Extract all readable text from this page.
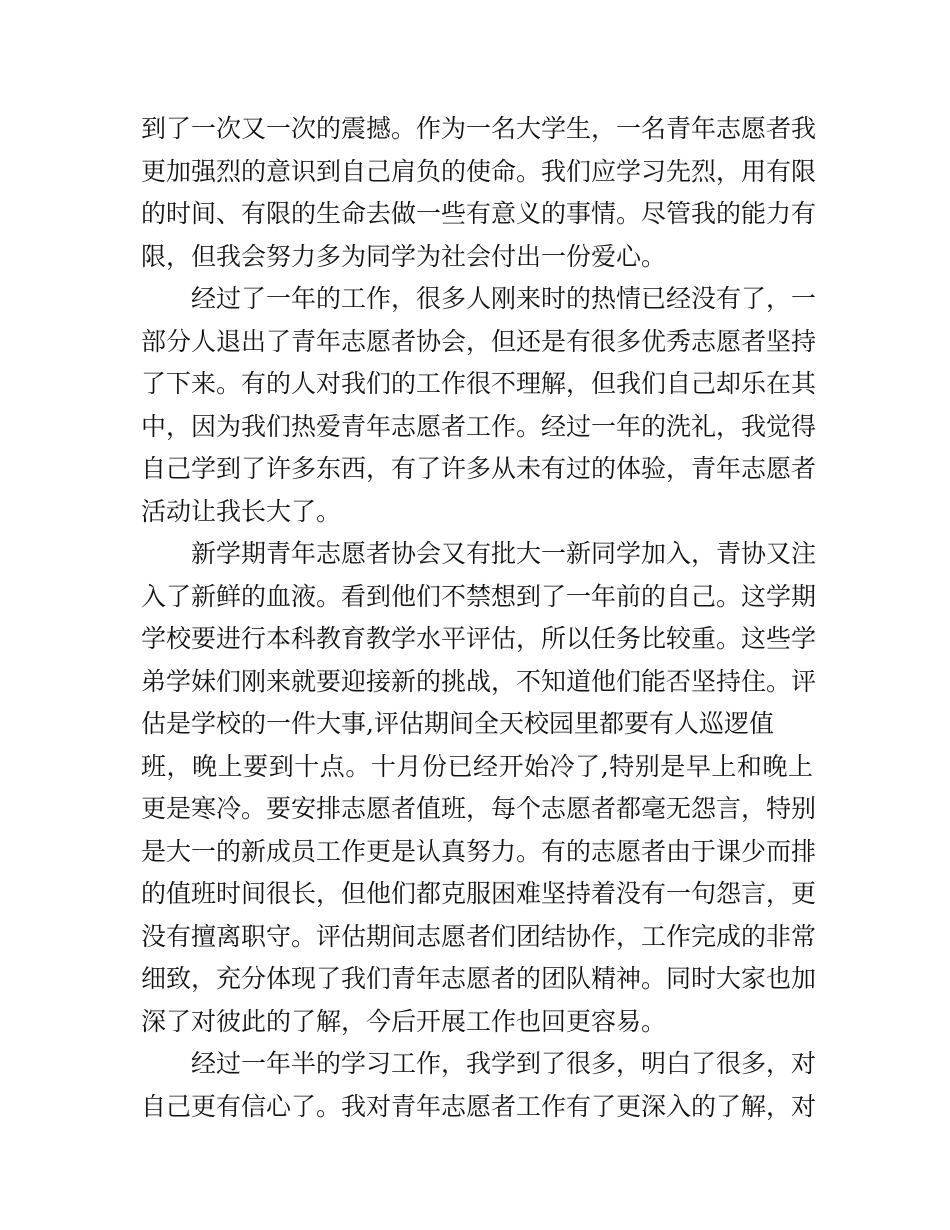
到了一次又一次的震撼。作为一名大学生，一名青年志愿者我
更加强烈的意识到自己肩负的使命。我们应学习先烈，用有限
的时间、有限的生命去做一些有意义的事情。尽管我的能力有
限，但我会努力多为同学为社会付出一份爱心。
经过了一年的工作，很多人刚来时的热情已经没有了，一
部分人退出了青年志愿者协会，但还是有很多优秀志愿者坚持
了下来。有的人对我们的工作很不理解，但我们自己却乐在其
中，因为我们热爱青年志愿者工作。经过一年的洗礼，我觉得
自己学到了许多东西，有了许多从未有过的体验，青年志愿者
活动让我长大了。
新学期青年志愿者协会又有批大一新同学加入，青协又注
入了新鲜的血液。看到他们不禁想到了一年前的自己。这学期
学校要进行本科教育教学水平评估，所以任务比较重。这些学
弟学妹们刚来就要迎接新的挑战，不知道他们能否坚持住。评
估是学校的一件大事,评估期间全天校园里都要有人巡逻值
班，晚上要到十点。十月份已经开始冷了,特别是早上和晚上
更是寒冷。要安排志愿者值班，每个志愿者都毫无怨言，特别
是大一的新成员工作更是认真努力。有的志愿者由于课少而排
的值班时间很长，但他们都克服困难坚持着没有一句怨言，更
没有擅离职守。评估期间志愿者们团结协作，工作完成的非常
细致，充分体现了我们青年志愿者的团队精神。同时大家也加
深了对彼此的了解，今后开展工作也回更容易。
经过一年半的学习工作，我学到了很多，明白了很多，对
自己更有信心了。我对青年志愿者工作有了更深入的了解，对
